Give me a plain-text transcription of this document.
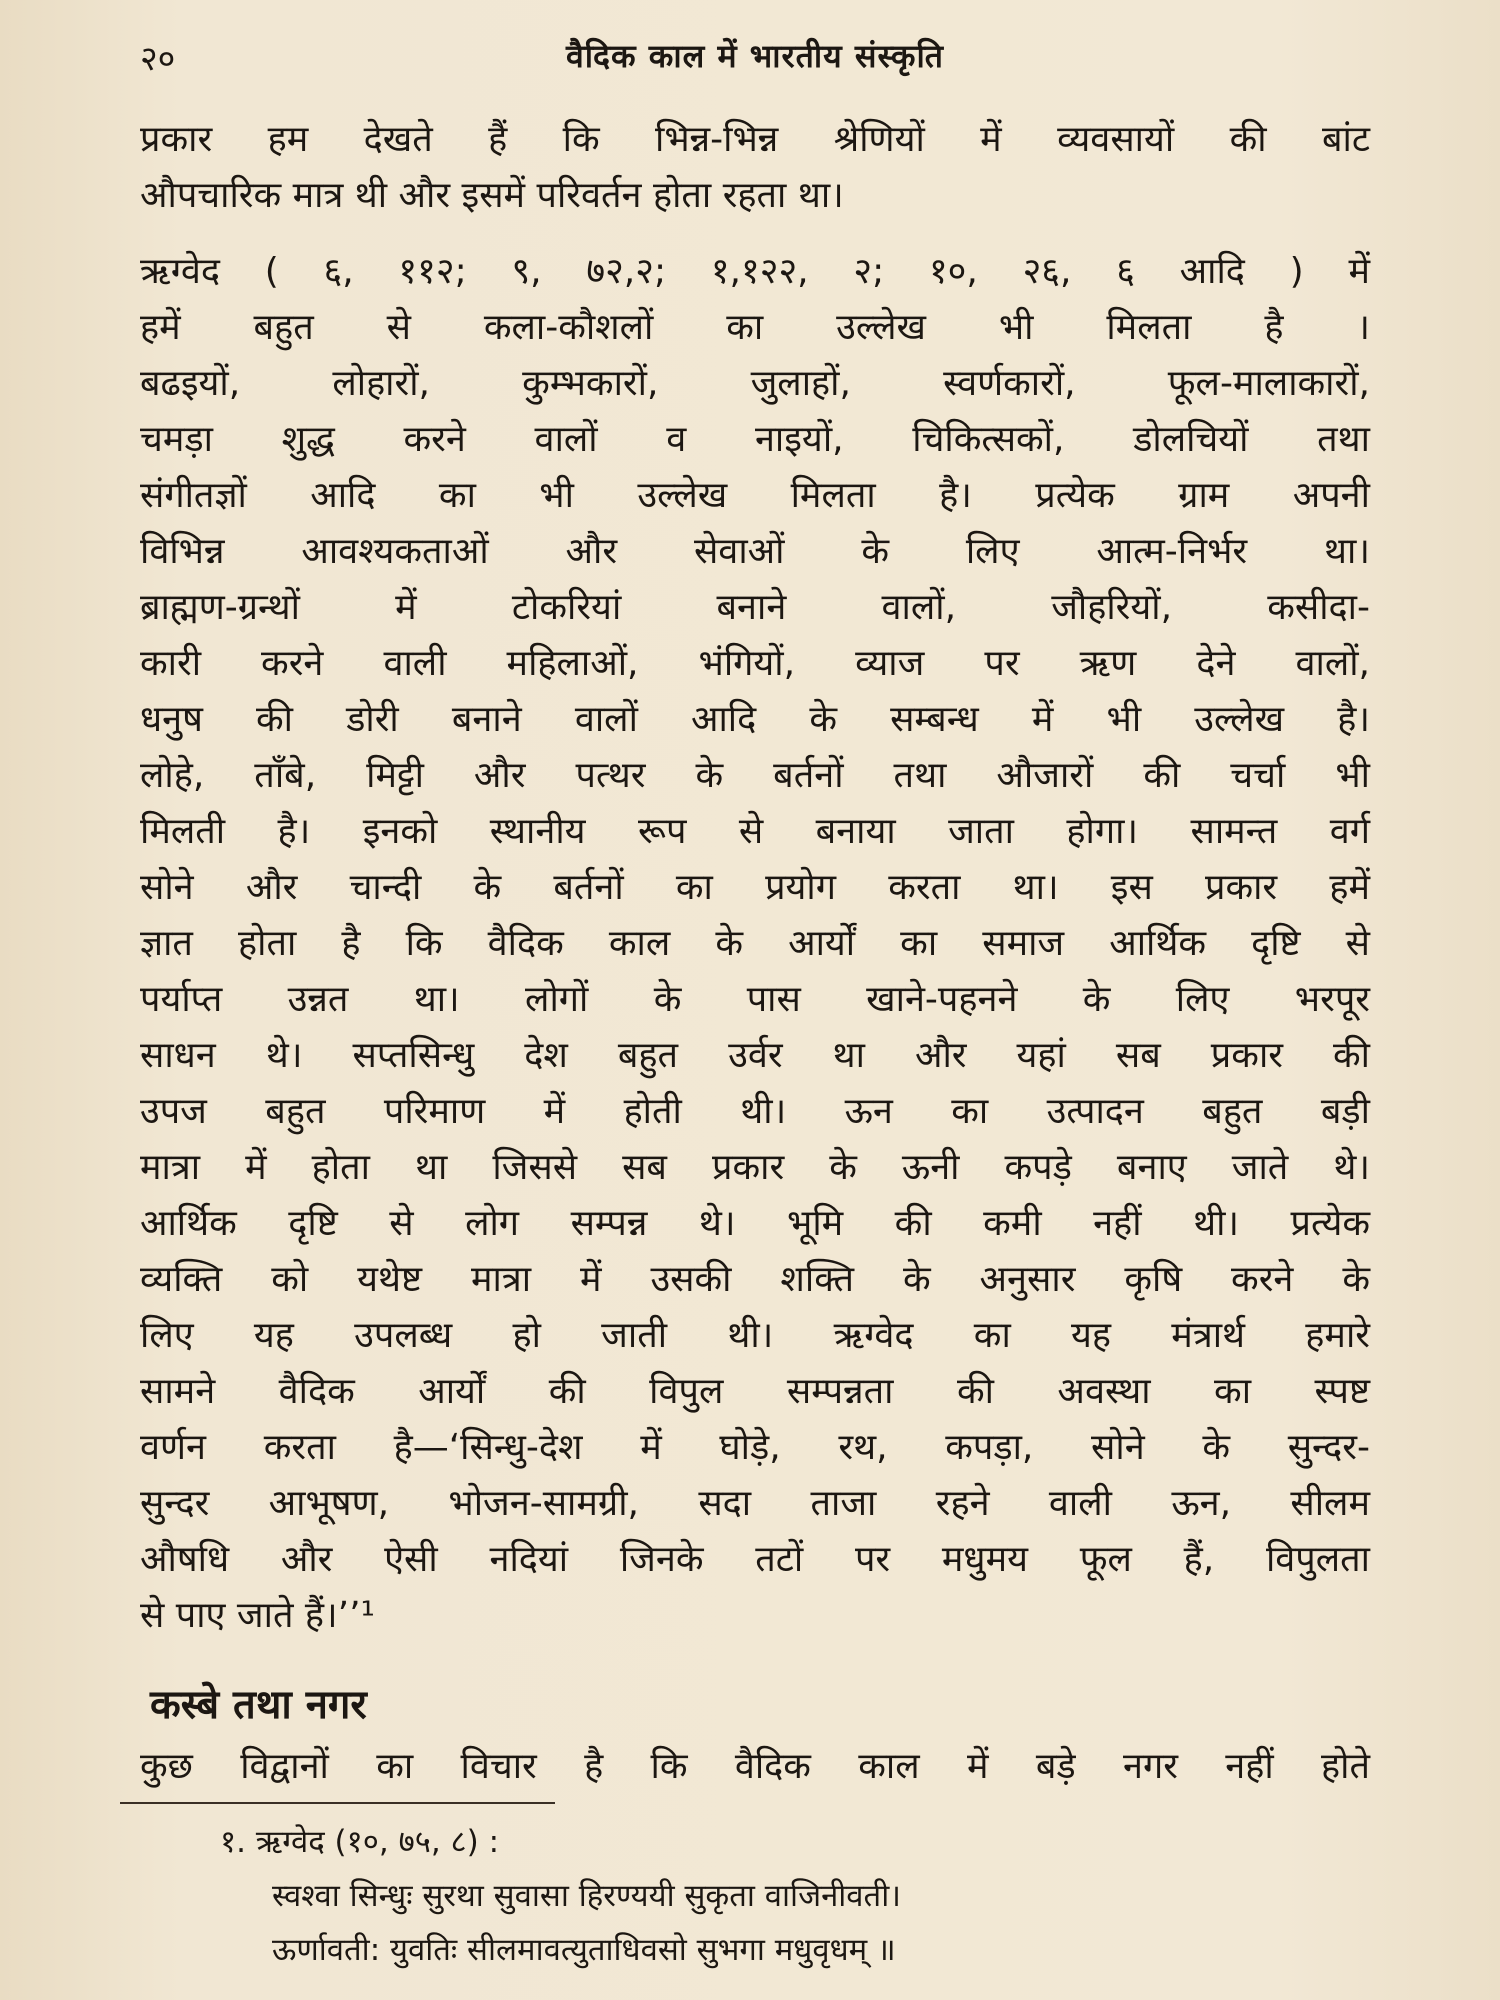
२०	वैदिक काल में भारतीय संस्कृति

प्रकार हम देखते हैं कि भिन्न-भिन्न श्रेणियों में व्यवसायों की बांट
औपचारिक मात्र थी और इसमें परिवर्तन होता रहता था।

ऋग्वेद ( ६, ११२; ९, ७२,२; १,१२२, २; १०, २६, ६ आदि ) में
हमें बहुत से कला-कौशलों का उल्लेख भी मिलता है ।
बढइयों, लोहारों, कुम्भकारों, जुलाहों, स्वर्णकारों, फूल-मालाकारों,
चमड़ा शुद्ध करने वालों व नाइयों, चिकित्सकों, डोलचियों तथा
संगीतज्ञों आदि का भी उल्लेख मिलता है। प्रत्येक ग्राम अपनी
विभिन्न आवश्यकताओं और सेवाओं के लिए आत्म-निर्भर था।
ब्राह्मण-ग्रन्थों में टोकरियां बनाने वालों, जौहरियों, कसीदा-
कारी करने वाली महिलाओं, भंगियों, व्याज पर ऋण देने वालों,
धनुष की डोरी बनाने वालों आदि के सम्बन्ध में भी उल्लेख है।
लोहे, ताँबे, मिट्टी और पत्थर के बर्तनों तथा औजारों की चर्चा भी
मिलती है। इनको स्थानीय रूप से बनाया जाता होगा। सामन्त वर्ग
सोने और चान्दी के बर्तनों का प्रयोग करता था। इस प्रकार हमें
ज्ञात होता है कि वैदिक काल के आर्यों का समाज आर्थिक दृष्टि से
पर्याप्त उन्नत था। लोगों के पास खाने-पहनने के लिए भरपूर
साधन थे। सप्तसिन्धु देश बहुत उर्वर था और यहां सब प्रकार की
उपज बहुत परिमाण में होती थी। ऊन का उत्पादन बहुत बड़ी
मात्रा में होता था जिससे सब प्रकार के ऊनी कपड़े बनाए जाते थे।
आर्थिक दृष्टि से लोग सम्पन्न थे। भूमि की कमी नहीं थी। प्रत्येक
व्यक्ति को यथेष्ट मात्रा में उसकी शक्ति के अनुसार कृषि करने के
लिए यह उपलब्ध हो जाती थी। ऋग्वेद का यह मंत्रार्थ हमारे
सामने वैदिक आर्यों की विपुल सम्पन्नता की अवस्था का स्पष्ट
वर्णन करता है—‘सिन्धु-देश में घोड़े, रथ, कपड़ा, सोने के सुन्दर-
सुन्दर आभूषण, भोजन-सामग्री, सदा ताजा रहने वाली ऊन, सीलम
औषधि और ऐसी नदियां जिनके तटों पर मधुमय फूल हैं, विपुलता
से पाए जाते हैं।’’¹

कस्बे तथा नगर
कुछ विद्वानों का विचार है कि वैदिक काल में बड़े नगर नहीं होते
१. ऋग्वेद (१०, ७५, ८) :
स्वश्वा सिन्धुः सुरथा सुवासा हिरण्ययी सुकृता वाजिनीवती।
ऊर्णावती: युवतिः सीलमावत्युताधिवसो सुभगा मधुवृधम् ॥
